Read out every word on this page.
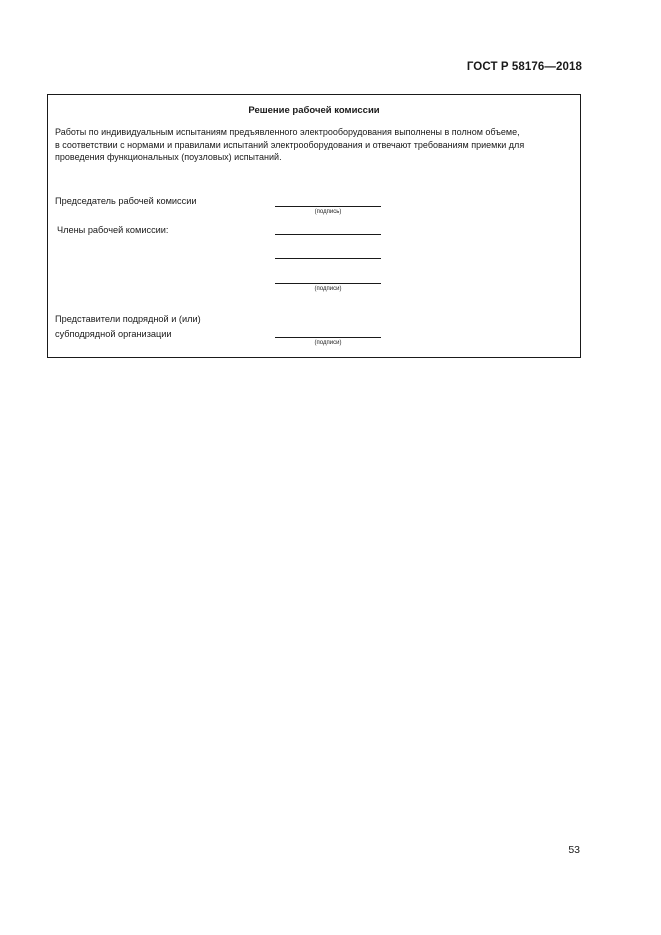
ГОСТ Р 58176—2018
Решение рабочей комиссии
Работы по индивидуальным испытаниям предъявленного электрооборудования выполнены в полном объеме,
в соответствии с нормами и правилами испытаний электрооборудования и отвечают требованиям приемки для
проведения функциональных (поузловых) испытаний.
Председатель рабочей комиссии
(подпись)
Члены рабочей комиссии:
(подписи)
Представители подрядной и (или)
субподрядной организации
(подписи)
53
